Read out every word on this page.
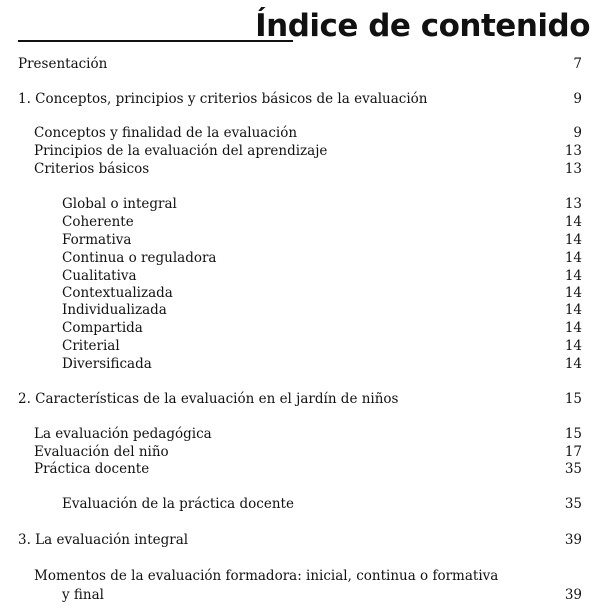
Índice de contenido
Presentación	7
1. Conceptos, principios y criterios básicos de la evaluación	9
Conceptos y finalidad de la evaluación	9
Principios de la evaluación del aprendizaje	13
Criterios básicos	13
Global o integral	13
Coherente	14
Formativa	14
Continua o reguladora	14
Cualitativa	14
Contextualizada	14
Individualizada	14
Compartida	14
Criterial	14
Diversificada	14
2. Características de la evaluación en el jardín de niños	15
La evaluación pedagógica	15
Evaluación del niño	17
Práctica docente	35
Evaluación de la práctica docente	35
3. La evaluación integral	39
Momentos de la evaluación formadora: inicial, continua o formativa
y final	39
